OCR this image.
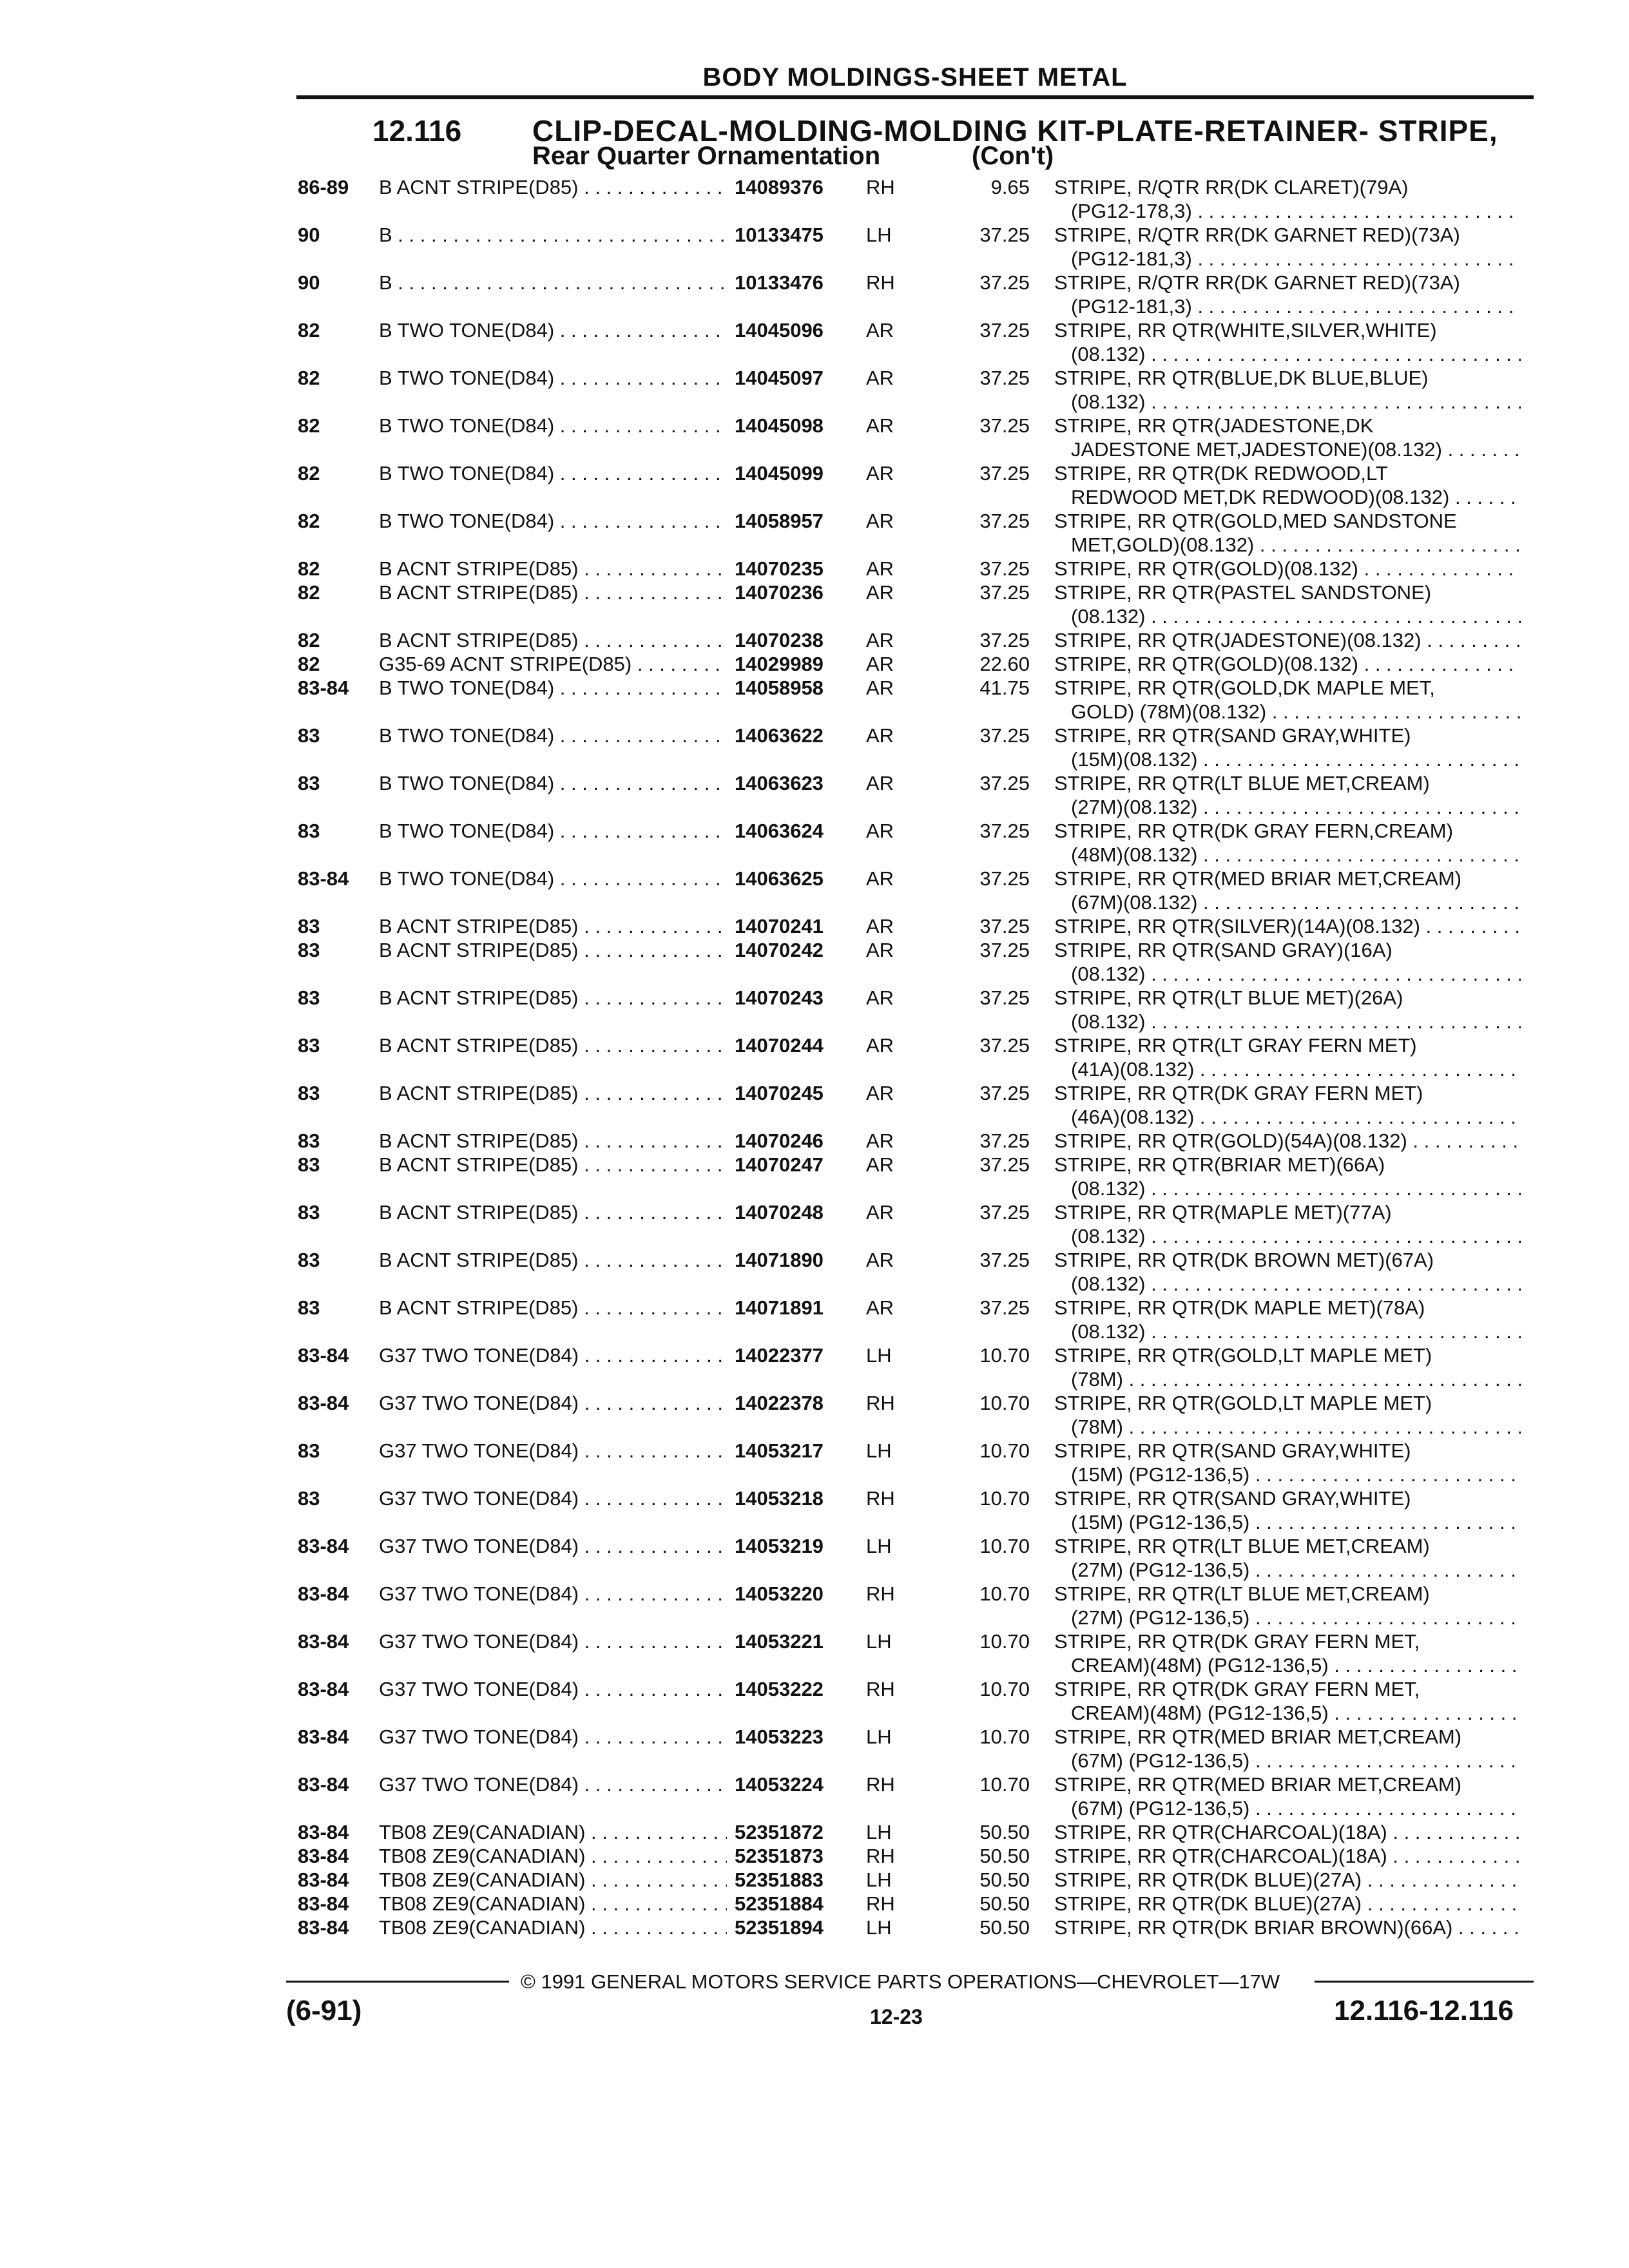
BODY MOLDINGS-SHEET METAL
12.116 CLIP-DECAL-MOLDING-MOLDING KIT-PLATE-RETAINER- STRIPE,
Rear Quarter Ornamentation	(Con't)
86-89 B ACNT STRIPE(D85) . . .	14089376 RH	9.65 STRIPE, R/QTR RR(DK CLARET)(79A)
(PG12-178,3) . . .
90	B . . .	10133475 LH	37.25 STRIPE, R/QTR RR(DK GARNET RED)(73A)
(PG12-181,3) . . .
90	B . . .	10133476 RH	37.25 STRIPE, R/QTR RR(DK GARNET RED)(73A)
(PG12-181,3) . . .
82	B TWO TONE(D84) . . .	14045096 AR	37.25 STRIPE, RR QTR(WHITE,SILVER,WHITE)
(08.132) . . .
82	B TWO TONE(D84) . . .	14045097 AR	37.25 STRIPE, RR QTR(BLUE,DK BLUE,BLUE)
(08.132) . . .
82	B TWO TONE(D84) . . .	14045098 AR	37.25 STRIPE, RR QTR(JADESTONE,DK
JADESTONE MET,JADESTONE)(08.132) . . .
82	B TWO TONE(D84) . . .	14045099 AR	37.25 STRIPE, RR QTR(DK REDWOOD,LT
REDWOOD MET,DK REDWOOD)(08.132) . . .
82	B TWO TONE(D84) . . .	14058957 AR	37.25 STRIPE, RR QTR(GOLD,MED SANDSTONE
MET,GOLD)(08.132) . . .
82	B ACNT STRIPE(D85) . . .	14070235 AR	37.25 STRIPE, RR QTR(GOLD)(08.132) . . .
82	B ACNT STRIPE(D85) . . .	14070236 AR	37.25 STRIPE, RR QTR(PASTEL SANDSTONE)
(08.132) . . .
82	B ACNT STRIPE(D85) . . .	14070238 AR	37.25 STRIPE, RR QTR(JADESTONE)(08.132) . . .
82	G35-69 ACNT STRIPE(D85) . . .	14029989 AR	22.60 STRIPE, RR QTR(GOLD)(08.132) . . .
83-84 B TWO TONE(D84) . . .	14058958 AR	41.75 STRIPE, RR QTR(GOLD,DK MAPLE MET,
GOLD) (78M)(08.132) . . .
83	B TWO TONE(D84) . . .	14063622 AR	37.25 STRIPE, RR QTR(SAND GRAY,WHITE)
(15M)(08.132) . . .
83	B TWO TONE(D84) . . .	14063623 AR	37.25 STRIPE, RR QTR(LT BLUE MET,CREAM)
(27M)(08.132) . . .
83	B TWO TONE(D84) . . .	14063624 AR	37.25 STRIPE, RR QTR(DK GRAY FERN,CREAM)
(48M)(08.132) . . .
83-84 B TWO TONE(D84) . . .	14063625 AR	37.25 STRIPE, RR QTR(MED BRIAR MET,CREAM)
(67M)(08.132) . . .
83	B ACNT STRIPE(D85) . . .	14070241 AR	37.25 STRIPE, RR QTR(SILVER)(14A)(08.132) . . .
83	B ACNT STRIPE(D85) . . .	14070242 AR	37.25 STRIPE, RR QTR(SAND GRAY)(16A)
(08.132) . . .
83	B ACNT STRIPE(D85) . . .	14070243 AR	37.25 STRIPE, RR QTR(LT BLUE MET)(26A)
(08.132) . . .
83	B ACNT STRIPE(D85) . . .	14070244 AR	37.25 STRIPE, RR QTR(LT GRAY FERN MET)
(41A)(08.132) . . .
83	B ACNT STRIPE(D85) . . .	14070245 AR	37.25 STRIPE, RR QTR(DK GRAY FERN MET)
(46A)(08.132) . . .
83	B ACNT STRIPE(D85) . . .	14070246 AR	37.25 STRIPE, RR QTR(GOLD)(54A)(08.132) . . .
83	B ACNT STRIPE(D85) . . .	14070247 AR	37.25 STRIPE, RR QTR(BRIAR MET)(66A)
(08.132) . . .
83	B ACNT STRIPE(D85) . . .	14070248 AR	37.25 STRIPE, RR QTR(MAPLE MET)(77A)
(08.132) . . .
83	B ACNT STRIPE(D85) . . .	14071890 AR	37.25 STRIPE, RR QTR(DK BROWN MET)(67A)
(08.132) . . .
83	B ACNT STRIPE(D85) . . .	14071891 AR	37.25 STRIPE, RR QTR(DK MAPLE MET)(78A)
(08.132) . . .
83-84 G37 TWO TONE(D84) . . .	14022377 LH	10.70 STRIPE, RR QTR(GOLD,LT MAPLE MET)
(78M) . . .
83-84 G37 TWO TONE(D84) . . .	14022378 RH	10.70 STRIPE, RR QTR(GOLD,LT MAPLE MET)
(78M) . . .
83	G37 TWO TONE(D84) . . .	14053217 LH	10.70 STRIPE, RR QTR(SAND GRAY,WHITE)
(15M) (PG12-136,5) . . .
83	G37 TWO TONE(D84) . . .	14053218 RH	10.70 STRIPE, RR QTR(SAND GRAY,WHITE)
(15M) (PG12-136,5) . . .
83-84 G37 TWO TONE(D84) . . .	14053219 LH	10.70 STRIPE, RR QTR(LT BLUE MET,CREAM)
(27M) (PG12-136,5) . . .
83-84 G37 TWO TONE(D84) . . .	14053220 RH	10.70 STRIPE, RR QTR(LT BLUE MET,CREAM)
(27M) (PG12-136,5) . . .
83-84 G37 TWO TONE(D84) . . .	14053221 LH	10.70 STRIPE, RR QTR(DK GRAY FERN MET,
CREAM)(48M) (PG12-136,5) . . .
83-84 G37 TWO TONE(D84) . . .	14053222 RH	10.70 STRIPE, RR QTR(DK GRAY FERN MET,
CREAM)(48M) (PG12-136,5) . . .
83-84 G37 TWO TONE(D84) . . .	14053223 LH	10.70 STRIPE, RR QTR(MED BRIAR MET,CREAM)
(67M) (PG12-136,5) . . .
83-84 G37 TWO TONE(D84) . . .	14053224 RH	10.70 STRIPE, RR QTR(MED BRIAR MET,CREAM)
(67M) (PG12-136,5) . . .
83-84 TB08 ZE9(CANADIAN) . . .	52351872 LH	50.50 STRIPE, RR QTR(CHARCOAL)(18A) . . .
83-84 TB08 ZE9(CANADIAN) . . .	52351873 RH	50.50 STRIPE, RR QTR(CHARCOAL)(18A) . . .
83-84 TB08 ZE9(CANADIAN) . . .	52351883 LH	50.50 STRIPE, RR QTR(DK BLUE)(27A) . . .
83-84 TB08 ZE9(CANADIAN) . . .	52351884 RH	50.50 STRIPE, RR QTR(DK BLUE)(27A) . . .
83-84 TB08 ZE9(CANADIAN) . . .	52351894 LH	50.50 STRIPE, RR QTR(DK BRIAR BROWN)(66A) . . .
© 1991 GENERAL MOTORS SERVICE PARTS OPERATIONS—CHEVROLET—17W
(6-91)	12-23	12.116-12.116
